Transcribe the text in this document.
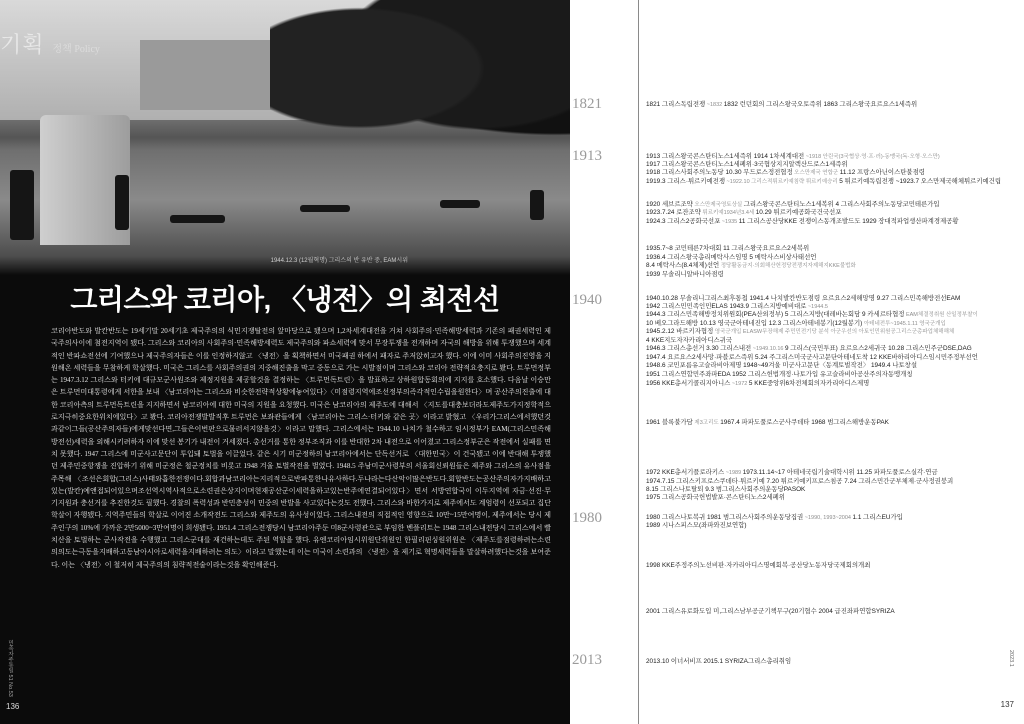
기획 정책 Policy
1944.12.3 (12월혁명) 그리스의 반 유반 중, EAM시위
그리스와 코리아, 〈냉전〉의 최전선
코리아반도와 발칸반도는 19세기말 20세기초 제국주의의 식민지쟁탈전의 앞마당으로 됐으며 1,2차세계대전을 거쳐 사회주의·민족해방세력과 기존의 패권세력인 제국주의사이에 첨전지역이 됐다. 그리스와 코리아의 사회주의·민족해방세력도 제국주의와 파쇼세력에 맞서 무장투쟁을 전개하며 자국의 해방을 위해 투쟁했으며 세계적인 반파쇼전선에 기여했으나 제국주의자들은 이를 인정하지않고 〈냉전〉을 획책하면서 미국패권 하에서 패자로 주저앉히고자 했다. 이에 이미 사회주의진영을 지원해온 세력들을 무참하게 학살했다. 미국은 그리스를 사회주의권의 지중해진출을 막고 중동으로 가는 시발점이며 그리스와 코리아 전략적요충지로 봤다. 트루먼정부는 1947.3.12 그리스와 터키에 대규모군사원조와 제정지원을 제공할것을 결정하는 〈트루먼독트린〉을 발표하고 상하원합동회의에 지지를 호소했다. 다음날 이승만은 트루먼미대통령에게 서한을 보내 〈남코리아는 그리스와 비슷한전략적상황에놓여있다〉〈미점령지역에조선정부의즉각적인수립을원한다〉며 공산주의진출에 대한 코리아측의 트루먼독트린을 지지하면서 남코리아에 대한 미국의 지원을 요청했다. 미국은 남코리아의 제주도에 대해서 〈지도를대충보더라도제주도가지정학적으로지극히중요한위치에있다〉고 봤다. 코리아전쟁발발직후 트루먼은 보좌관들에게 〈남코리아는 그리스·터키와 같은 곳〉이라고 밝혔고 〈우리가그리스에서했던것과같이그들(공산주의자들)에게맞선다면,그들은이번판으로물러서지않을것〉이라고 말했다. 그리스에서는 1944.10 나치가 철수하고 임시정부가 EAM(그리스민족해방전선)세력을 외해시키려하자 이에 맞선 봉기가 내전이 거세졌다. 총선거를 통한 정부조직과 이를 반대한 2차 내전으로 이어졌고 그리스정부군은 작전에서 실패를 면치 못했다. 1947 그리스에 미군사고문단이 투입돼 토벌을 이끌었다. 같은 시기 미군정하의 남코리아에서는 단독선거로 〈대한민국〉이 건국됐고 이에 반대해 투쟁했던 제주민중항쟁을 진압하기 위해 미군정은 철군정치를 비롯고 1948 겨울 토벌작전을 벌였다. 1948.5 주남미군사령부의 서울회신뢰원들은 제주와 그리스의 유사점을 주목해 〈조선은회합(그리스)사태와흡한전쟁이다.회합과남코리아는지리적으로반파통한나유사하다.두나라는다산악이많은반도다.회합반도는공산주의자가지배하고있는(발칸)예앤접되어있으며조선역시역사적으로소련권은상지이며현재공산군이세력을하고있는반주에연결되어있다〉면서 서방연합국이 이두지역에 자금·선진·무기지원과 충선거를 추진한것도 필했다. 경찰의 폭력성과 반민층성이 민중의 반발을 사고있다는것도 전했다. 그리스와 바한가지로 제주에서도 계엄령이 선포되고 집단학살이 자행됐다. 지역주민들의 학살로 이어진 소개작전도 그리스와 제주도의 유사성이었다. 그리스내전의 직접적인 영향으로 10만~15만여명이, 제주에서는 당시 제주인구의 10%에 가까운 2만5000~3만여명이 희생됐다. 1951.4 그리스전쟁당시 남코리아주둔 미8군사령관으로 부임한 벤플리트는 1948 그리스내전당시 그리스에서 빨치산을 토벌하는 군사작전을 수행했고 그리스군대를 재건하는데도 주된 역할을 했다. 유엔코리아임시위원단위원인 한필리핀싱원위원은 〈제주도를점령하려는소련의의도는극동을지배하고동남아시아로세력을지배하려는 의도〉이라고 말했는데 이는 미국이 소련과의 〈냉전〉을 제기로 혁명세력들을 말살하려했다는것을 보여준다. 이는 〈냉전〉이 철저히 제국주의의 침략적전술이라는것을 확인해준다.
민족자주통일 51 No.53
136
1821
1913
1940
1980
2013
1821 그리스독립전쟁 ~1832 1832 런던회의 그리스왕국오토즉위 1863 그리스왕국요르요스1세즉위
1913 그리스왕국콘스탄티노스1세즉위 1914 1차세계대전 ~1918 안린국(3국협상·영·프·러)-동맹국(독·오형·오스만)
1917 그리스왕국콘스탄티노스1세폐위·3국협상지지알렉산드로스1세즉위
1918 그리스사회주의노동당 10.30 무드로스정전협정 오스만제국 연합군 11.12 프랑스아닌이스탄불점령
1919.3 그리스·튀르키예전쟁 ~1922.10 그리스적튀르키예침략 튀르키예승리 5 튀르키예독립전쟁 ~1923.7 오스만제국해체튀르키예건립
1920 세브르조약 오스만제국영토상실 그리스왕국콘스탄티노스1세복위 4 그리스사회주의노동당코민테른가입
1923.7.24 로잔조약 튀르키예1934년3.4세 10.29 튀르키예공화국건국선포
1924.3 그리스2공화국선포 ~1935 11 그리스공산당KKE 전쟁이스동개조발드도 1929 장대적파업생산파계경제공황
1935.7~8 코민테른7차대회 11 그리스왕국요르요스2세복위
1936.4 그리스왕국총리메탁사스임명 5 메탁사스비상사태선언
8.4 메탁사스(8.4체제)선언 정당활동금지·의회해산헌정당전쟁지자제해지KKE불법화
1939 무솔리니알바니아점령
1940.10.28 무솔리니그리스최후통첩 1941.4 나치발칸반도점령 요르요스2세해망명 9.27 그리스민족해방전선EAM
1942 그리스민민족인민ELAS 1943.9 그리스지방예비대로 ~1944.5
1944.3 그리스민족해방정치위원회(PEA산외정부) 5 그리스지방(대레바논회담 9 카세르타협정 EAM체결정취원 산일정부찰이
10 베오그라드해방 10.13 영국군아테네진입 12.3 그리스아테네봉기(12월봉기) 아테네전투~1945.1.11 영국군개입
1945.2.12 바르키자협정 영국군개입 ELASW무장해제 주민민전기당 분석 아군우선의 아토인민위원공그리스군총파업체해해체
4 KKE지도자자카리아디스귀국
1946.3 그리스총선거 3.30 그리스내전 ~1949.10.16 9 그리스(국민투표) 요르요스2세귀국 10.28 그리스민주군DSE,DAG
1947.4 요르요스2세사망·파블로스즉위 5.24 주그리스미국군사고문단아테네도착 12 KKE바하리아디스임시민주정부선언
1948.6 코민포름유고슬라비아제명 1948~49겨울 미군사고문단〈동계토벌작전〉 1949.4 나토창설
1951 그리스연합민주좌파EDA 1952 그리스헌법개정·나토가입 유고슬라비아공산주의자동맹개칭
1956 KKE총서기콜리지아니스 ~1972 5 KKE중앙위6차전체회의자카리아디스제명
1961 블록불가담 제3고리도 1967.4 파파도풀로스군사쿠데타 1968 범그리스해방운동PAK
1972 KKE총서기플로라키스 ~1989 1973.11.14~17 아테네국립기술대학시위 11.25 파파도풀로스실각·연금
1974.7.15 그리스키프로스쿠데타·튀르키예 7.20 튀르키예키프로스침공 7.24 그리스민간군부체제·군사정권붕괴
8.15 그리스나토탈퇴 9.3 범그리스사회주의운동당PASOK
1975 그리스공화국헌법발포·콘스탄티노스2세폐위
1980 그리스나토복귀 1981 범그리스사회주의운동당집권 ~1990, 1993~2004 1.1 그리스EU가입
1989 시나스피스모(좌파와진보연합)
1998 KKE주정주의노선비판·자카리아디스명예회복·공산당노동자당국제회의개최
2001 그리스유로화도입 미,그리스남부공군기책무구(20기협수 2004 급진좌파연합SYRIZA
2013.10 이너서비프 2015.1 SYRIZA그리스총리취임	2023.1
137
